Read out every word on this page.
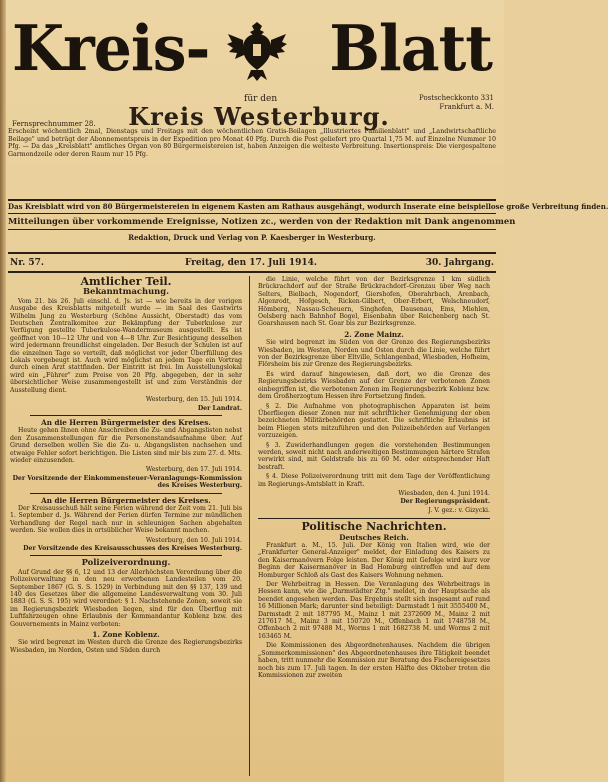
Kreis- Blatt
für den
Kreis Westerburg.
Postscheckkonto 331 Frankfurt a. M.
Fernsprechnummer 28.
Erscheint wöchentlich 2mal, Dienstags und Freitags mit den wöchentlichen Gratis-Beilagen „Illustriertes Familienblatt" und „Landwirtschaftliche Beilage" und beträgt der Abonnementspreis in der Expedition pro Monat 40 Pfg. Durch die Post geliefert pro Quartal 1,75 M. auf Einzelne Nummer 10 Pfg. — Da das „Kreisblatt" amtliches Organ von 80 Bürgermeistereien ist, haben Anzeigen die weiteste Verbreitung. Insertionspreis: Die viergespaltene Garmondzeile oder deren Raum nur 15 Pfg.
Das Kreisblatt wird von 80 Bürgermeistereien in eigenem Kasten am Rathaus ausgehängt, wodurch Inserate eine beispiellose große Verbreitung finden.
Mitteilungen über vorkommende Ereignisse, Notizen zc., werden von der Redaktion mit Dank angenommen
Redaktion, Druck und Verlag von P. Kaesberger in Westerburg.
Nr. 57.	Freitag, den 17. Juli 1914.	30. Jahrgang.
Amtlicher Teil.
Bekanntmachung.

Vom 21. bis 26. Juli einschl. d. Js. ist — wie bereits in der vorigen Ausgabe des Kreisblatts mitgeteilt wurde — im Saal des Gastwirts Wilhelm Jung zu Westerburg (Schöne Aussicht, Oberstadt) das vom Deutschen Zentralkomitee zur Bekämpfung der Tuberkulose zur Verfügung gestellte Tuberkulose-Wandermuseum ausgestellt. Es ist geöffnet von 10—12 Uhr und von 4—8 Uhr. Zur Besichtigung desselben wird jedermann freundlichst eingeladen. Der Besuch der Schulen ist auf die einzelnen Tage so verteilt, daß möglichst vor jeder Überfüllung des Lokals vorgebeugt ist. Auch wird möglichst an jedem Tage ein Vortrag durch einen Arzt stattfinden. Der Eintritt ist frei. Im Ausstellungslokal wird ein „Führer" zum Preise von 20 Pfg. abgegeben, der in sehr übersichtlicher Weise zusammengestellt ist und zum Verständnis der Ausstellung dient.

Westerburg, den 15. Juli 1914.
Der Landrat.
An die Herren Bürgermeister des Kreises.

Heute gehen Ihnen ohne Anschreiben die Zu- und Abgangslisten nebst den Zusammenstellungen für die Personenstandsaufnahme über. Auf Grund derselben wollen Sie die Zu- u. Abgangslisten nachsehen und etwaige Fehler sofort berichtigen. Die Listen sind mir bis zum 27. d. Mts. wieder einzusenden.

Westerburg, den 17. Juli 1914.
Der Vorsitzende der Einkommensteuer-Veranlagungs-Kommission des Kreises Westerburg.
An die Herren Bürgermeister des Kreises.

Der Kreisausschuß hält seine Ferien während der Zeit vom 21. Juli bis 1. September d. Js. Während der Ferien dürfen Termine zur mündlichen Verhandlung der Regel nach nur in schleunigen Sachen abgehalten werden. Sie wollen dies in ortsüblicher Weise bekannt machen.

Westerburg, den 10. Juli 1914.
Der Vorsitzende des Kreisausschusses des Kreises Westerburg.
Polizeiverordnung.

Auf Grund der §§ 6, 12 und 13 der Allerhöchsten Verordnung über die Polizeiverwaltung in den neu erworbenen Landesteilen vom 20. September 1867 (G. S. S. 1529) in Verbindung mit den §§ 137, 139 und 140 des Gesetzes über die allgemeine Landesverwaltung vom 30. Juli 1883 (G. S. S. 195) wird verordnet: § 1. Nachstehende Zonen, soweit sie im Regierungsbezirk Wiesbaden liegen, sind für den Überflug mit Luftfahrzeugen ohne Erlaubnis der Kommandantur Koblenz bzw. des Gouvernements in Mainz verboten:

1. Zone Koblenz.

Sie wird begrenzt im Westen durch die Grenze des Regierungsbezirks Wiesbaden, im Norden, Osten und Süden durch

die Linie, welche führt von der Bezirksgrenze 1 km südlich Brückrachdorf auf der Straße Brückrachdorf–Grenzau über Weg nach Selters, Bielbach, Nogendorf, Giershofen, Oberahrbach, Arenbach, Algenrodt, Hofgesch, Ricken-Gilbert, Ober-Erbert, Welschneudorf, Hömberg, Nassau-Scheuern, Singhofen, Dausenau, Ems, Miehlen, Oelsberg nach Bahnhof Bogel, Eisenbahn über Reichenberg nach St. Goarshausen nach St. Goar bis zur Bezirksgrenze.

2. Zone Mainz.

Sie wird begrenzt im Süden von der Grenze des Regierungsbezirks Wiesbaden, im Westen, Norden und Osten durch die Linie, welche führt von der Bezirksgrenze über Eltville, Schlangenbad, Wiesbaden, Hofheim, Flörsheim bis zur Grenze des Regierungsbezirks.

Es wird darauf hingewiesen, daß dort, wo die Grenze des Regierungsbezirks Wiesbaden auf der Grenze der verbotenen Zonen einbegriffen ist, die verbotenen Zonen im Regierungsbezirk Koblenz bzw. dem Großherzogtum Hessen ihre Fortsetzung finden.

§ 2. Die Aufnahme von photographischen Apparaten ist beim Überfliegen dieser Zonen nur mit schriftlicher Genehmigung der oben bezeichneten Militärbehörden gestattet. Die schriftliche Erlaubnis ist beim Fliegen stets mitzuführen und den Polizeibehörden auf Verlangen vorzuzeigen.

§ 3. Zuwiderhandlungen gegen die vorstehenden Bestimmungen werden, soweit nicht nach anderweitigen Bestimmungen härtere Strafen verwirkt sind, mit Geldstrafe bis zu 60 M. oder entsprechender Haft bestraft.

§ 4. Diese Polizeiverordnung tritt mit dem Tage der Veröffentlichung im Regierungs-Amtsblatt in Kraft.

Wiesbaden, den 4. Juni 1914.
Der Regierungspräsident.
J. V. gez.: v. Gizycki.
Politische Nachrichten.
Deutsches Reich.

Frankfurt a. M., 15. Juli. Der König von Italien wird, wie der „Frankfurter General-Anzeiger" meldet, der Einladung des Kaisers zu den Kaisermanövern Folge leisten. Der König mit Gefolge wird kurz vor Beginn der Kaisermanöver in Bad Homburg eintreffen und auf dem Homburger Schloß als Gast des Kaisers Wohnung nehmen.

Der Wehrbeitrag in Hessen. Die Veranlagung des Wehrbeitrags in Hessen kann, wie die „Darmstädter Ztg." meldet, in der Hauptsache als beendet angesehen werden. Das Ergebnis stellt sich insgesamt auf rund 16 Millionen Mark; darunter sind beteiligt: Darmstadt 1 mit 3555400 M., Darmstadt 2 mit 187795 M., Mainz 1 mit 2372609 M., Mainz 2 mit 217617 M., Mainz 3 mit 150720 M., Offenbach 1 mit 1748758 M., Offenbach 2 mit 97488 M., Worms 1 mit 1682738 M. und Worms 2 mit 163465 M.

Die Kommissionen des Abgeordnetenhauses. Nachdem die übrigen „Sommerkommissionen" des Abgeordnetenhauses ihre Tätigkeit beendet haben, tritt nunmehr die Kommission zur Beratung des Fischereigesetzes noch bis zum 17. Juli tagen. In der ersten Hälfte des Oktober treten die Kommissionen zur zweiten
